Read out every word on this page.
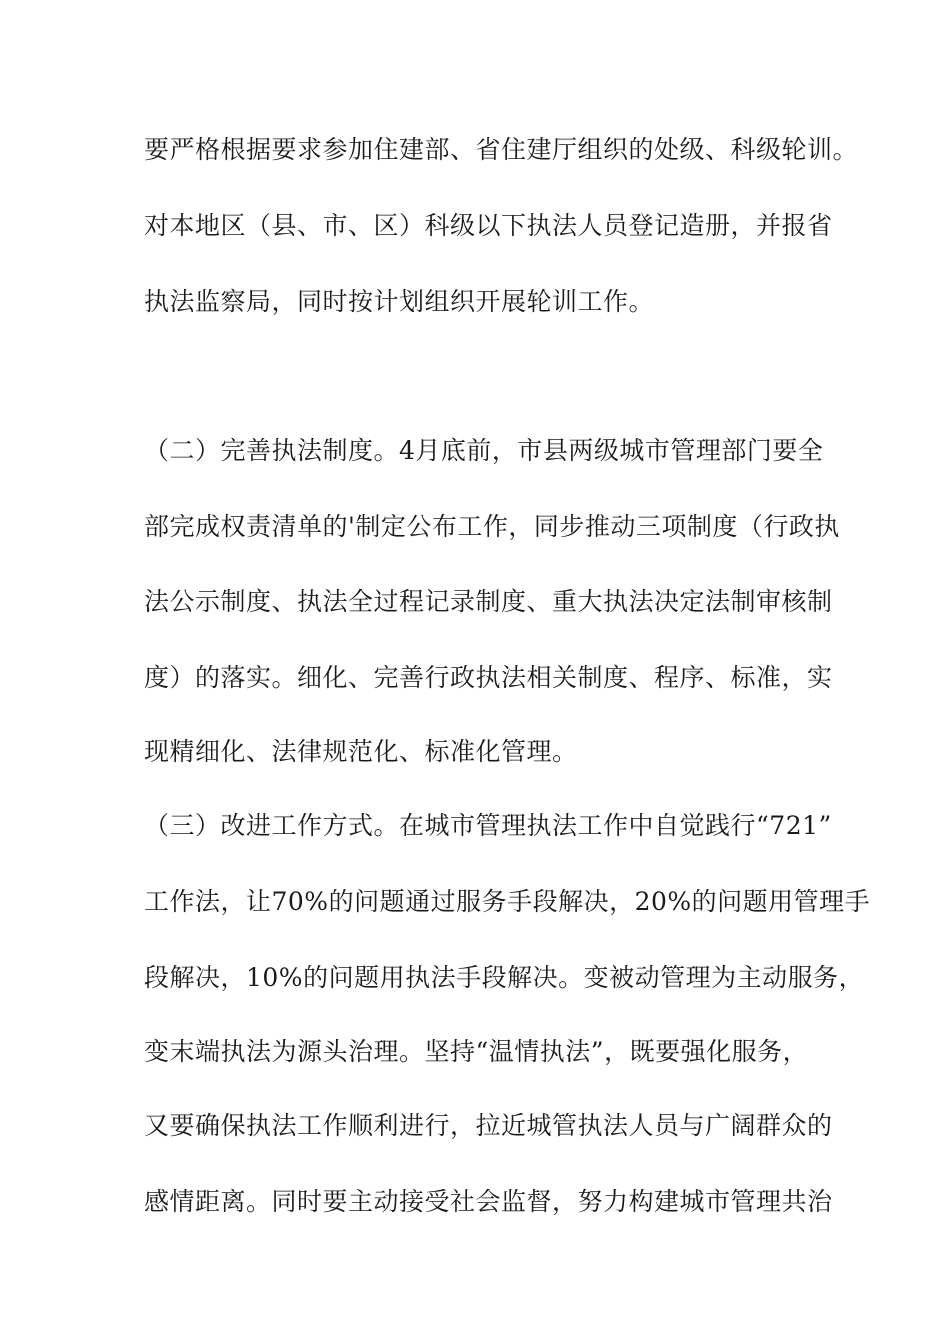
要严格根据要求参加住建部、省住建厅组织的处级、科级轮训。
对本地区（县、市、区）科级以下执法人员登记造册，并报省
执法监察局，同时按计划组织开展轮训工作。
（二）完善执法制度。4月底前，市县两级城市管理部门要全
部完成权责清单的'制定公布工作，同步推动三项制度（行政执
法公示制度、执法全过程记录制度、重大执法决定法制审核制
度）的落实。细化、完善行政执法相关制度、程序、标准，实
现精细化、法律规范化、标准化管理。
（三）改进工作方式。在城市管理执法工作中自觉践行“721”
工作法，让70%的问题通过服务手段解决，20%的问题用管理手
段解决，10%的问题用执法手段解决。变被动管理为主动服务，
变末端执法为源头治理。坚持“温情执法”，既要强化服务，
又要确保执法工作顺利进行，拉近城管执法人员与广阔群众的
感情距离。同时要主动接受社会监督，努力构建城市管理共治
